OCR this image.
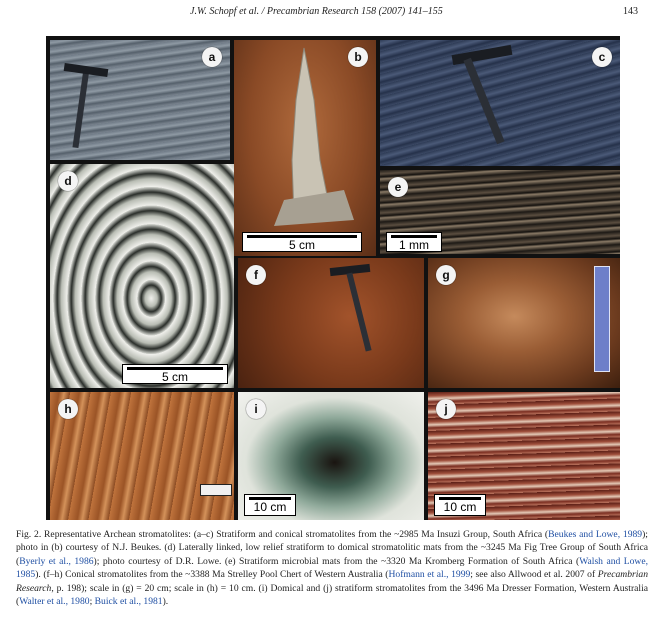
J.W. Schopf et al. / Precambrian Research 158 (2007) 141–155	143
a	b
5 cm
c
d
5 cm
e
1 mm
f	g
h	i
10 cm
j
10 cm
Fig. 2. Representative Archean stromatolites: (a–c) Stratiform and conical stromatolites from the ~2985 Ma Insuzi Group, South Africa (Beukes and Lowe, 1989); photo in (b) courtesy of N.J. Beukes. (d) Laterally linked, low relief stratiform to domical stromatolitic mats from the ~3245 Ma Fig Tree Group of South Africa (Byerly et al., 1986); photo courtesy of D.R. Lowe. (e) Stratiform microbial mats from the ~3320 Ma Kromberg Formation of South Africa (Walsh and Lowe, 1985). (f–h) Conical stromatolites from the ~3388 Ma Strelley Pool Chert of Western Australia (Hofmann et al., 1999; see also Allwood et al. 2007 of Precambrian Research, p. 198); scale in (g) = 20 cm; scale in (h) = 10 cm. (i) Domical and (j) stratiform stromatolites from the 3496 Ma Dresser Formation, Western Australia (Walter et al., 1980; Buick et al., 1981).
